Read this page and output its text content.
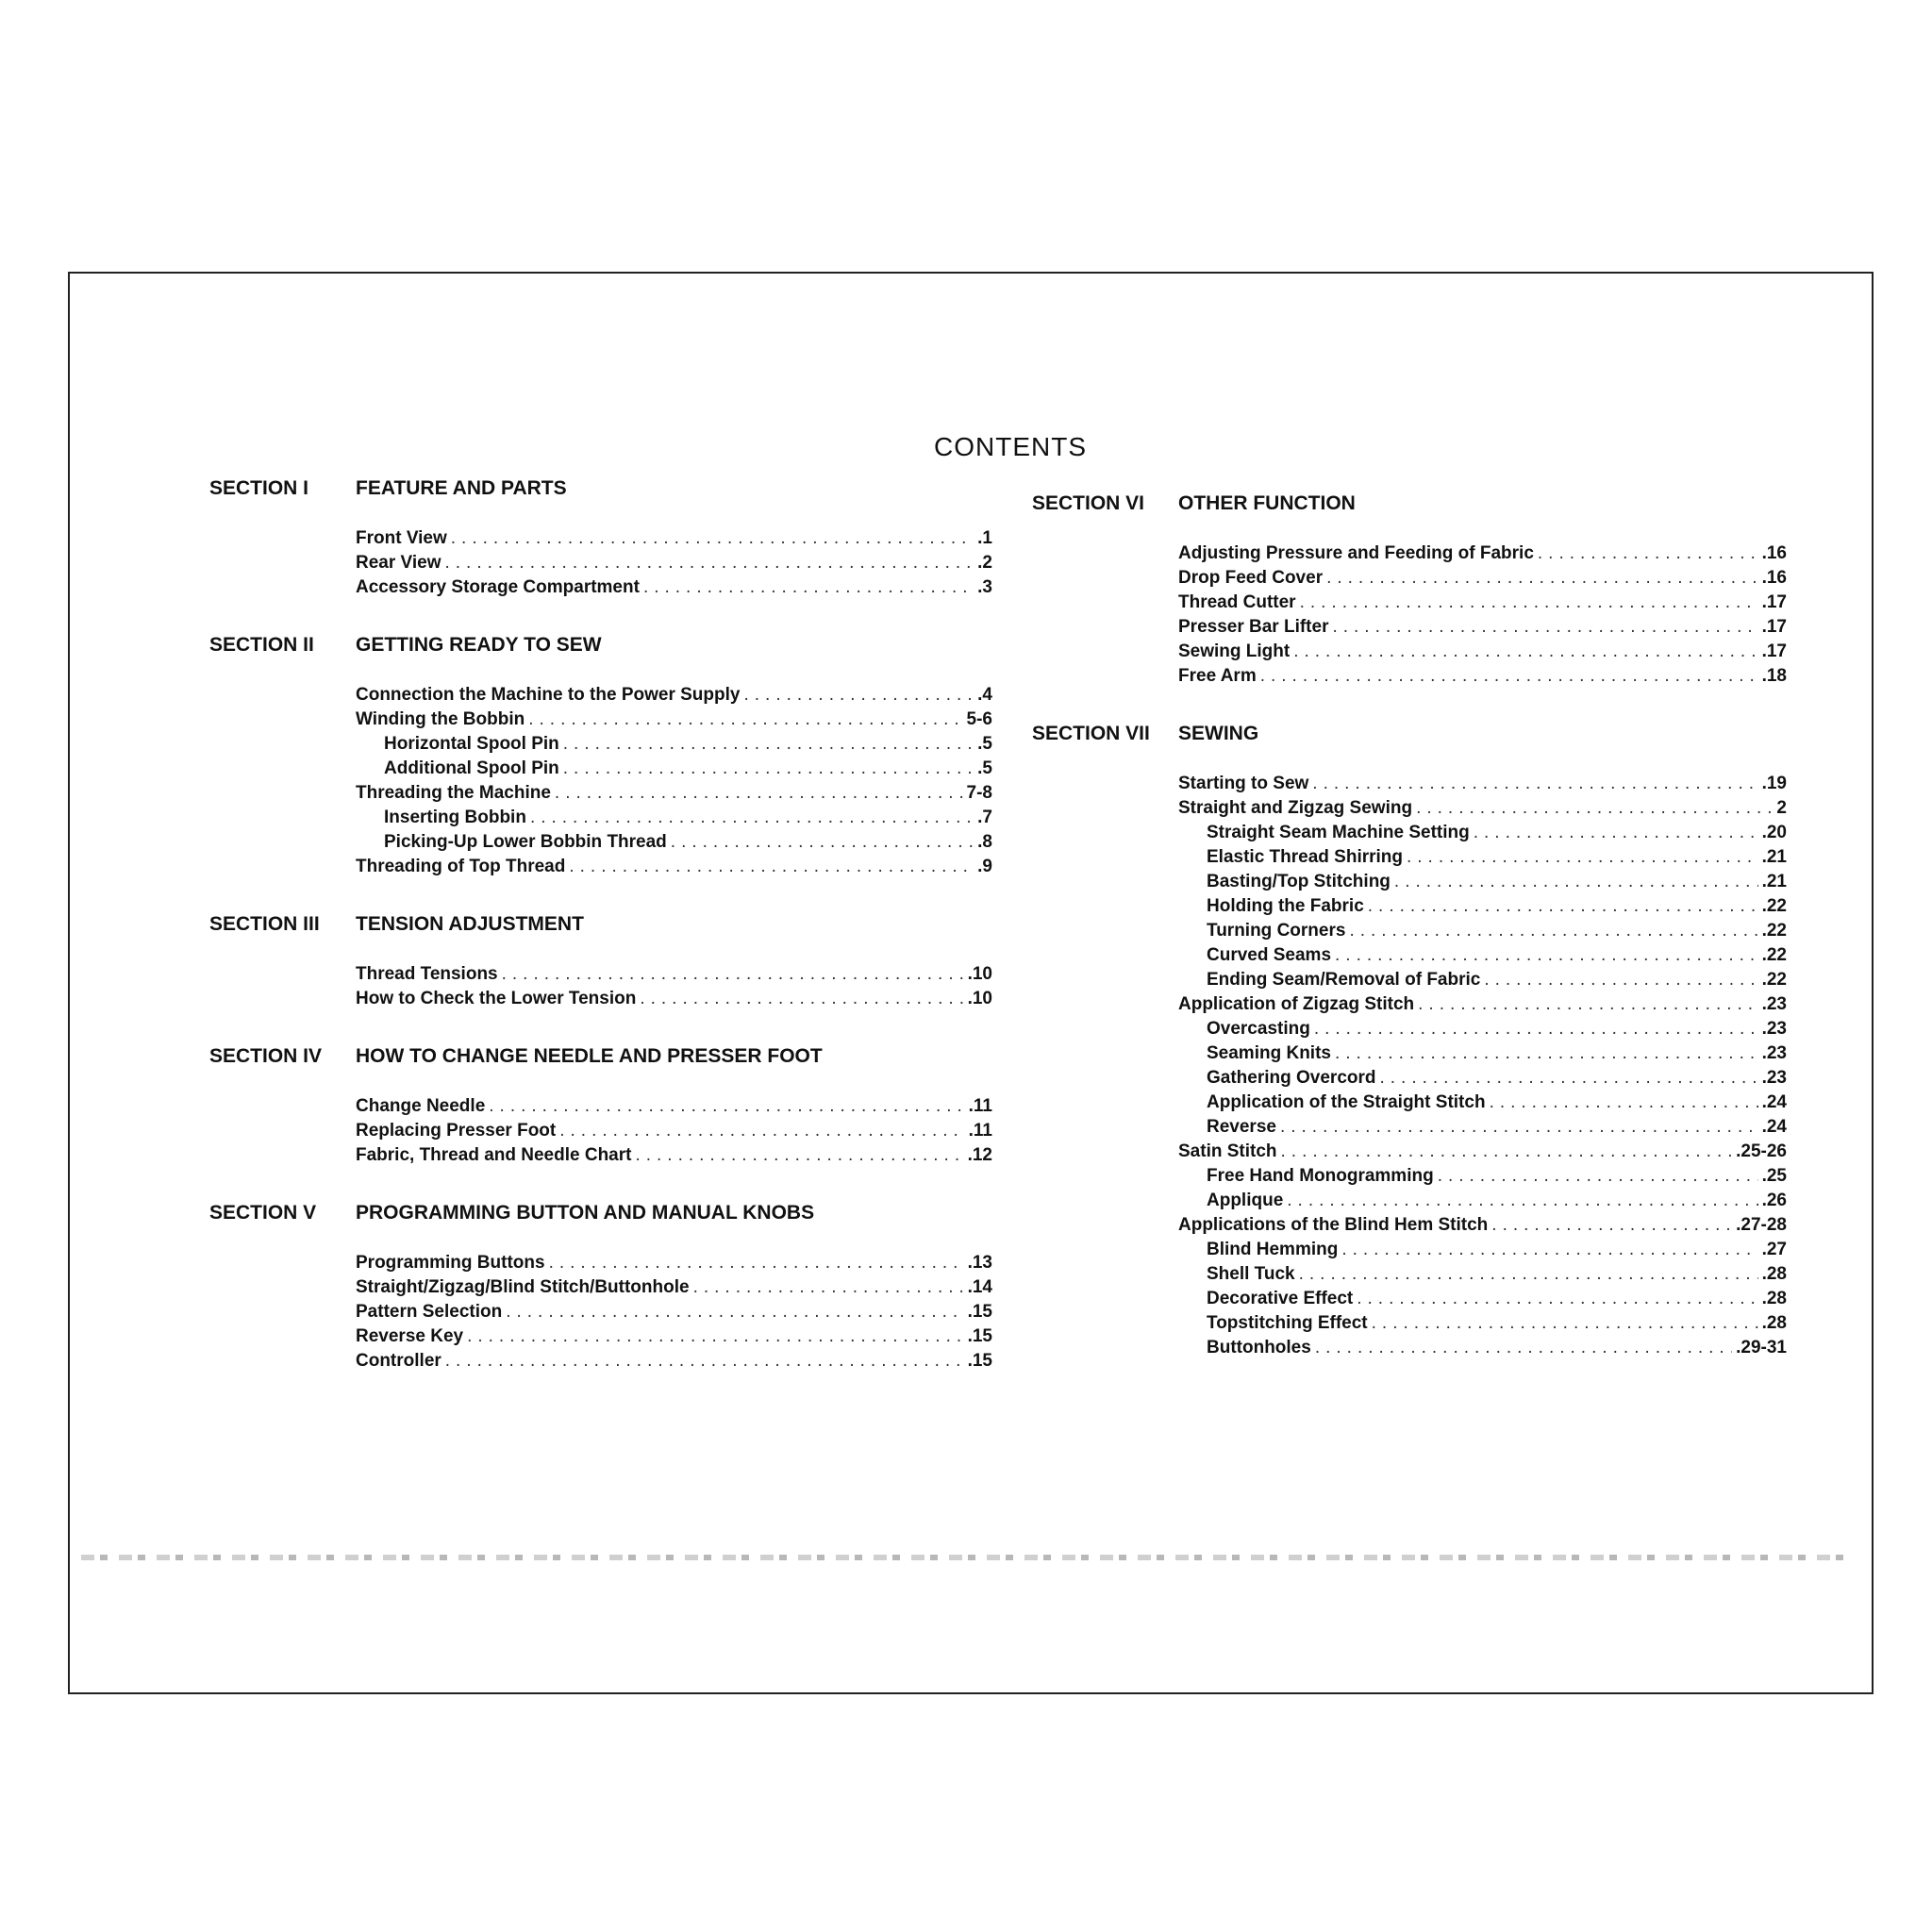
CONTENTS
SECTION I	FEATURE AND PARTS
Front View .....	.1
Rear View .....	.2
Accessory Storage Compartment .....	.3
SECTION II	GETTING READY TO SEW
Connection the Machine to the Power Supply .....	.4
Winding the Bobbin .....	5-6
Horizontal Spool Pin .....	.5
Additional Spool Pin .....	.5
Threading the Machine .....	7-8
Inserting Bobbin .....	.7
Picking-Up Lower Bobbin Thread .....	.8
Threading of Top Thread .....	.9
SECTION III	TENSION ADJUSTMENT
Thread Tensions .....	.10
How to Check the Lower Tension .....	.10
SECTION IV	HOW TO CHANGE NEEDLE AND PRESSER FOOT
Change Needle .....	.11
Replacing Presser Foot .....	.11
Fabric, Thread and Needle Chart .....	.12
SECTION V	PROGRAMMING BUTTON AND MANUAL KNOBS
Programming Buttons .....	.13
Straight/Zigzag/Blind Stitch/Buttonhole .....	.14
Pattern Selection .....	.15
Reverse Key .....	.15
Controller .....	.15
SECTION VI	OTHER FUNCTION
Adjusting Pressure and Feeding of Fabric .....	.16
Drop Feed Cover .....	.16
Thread Cutter .....	.17
Presser Bar Lifter .....	.17
Sewing Light .....	.17
Free Arm .....	.18
SECTION VII	SEWING
Starting to Sew .....	.19
Straight and Zigzag Sewing .....	2
Straight Seam Machine Setting .....	.20
Elastic Thread Shirring .....	.21
Basting/Top Stitching .....	.21
Holding the Fabric .....	.22
Turning Corners .....	.22
Curved Seams .....	.22
Ending Seam/Removal of Fabric .....	.22
Application of Zigzag Stitch .....	.23
Overcasting .....	.23
Seaming Knits .....	.23
Gathering Overcord .....	.23
Application of the Straight Stitch .....	.24
Reverse .....	.24
Satin Stitch .....	.25-26
Free Hand Monogramming .....	.25
Applique .....	.26
Applications of the Blind Hem Stitch .....	.27-28
Blind Hemming .....	.27
Shell Tuck .....	.28
Decorative Effect .....	.28
Topstitching Effect .....	.28
Buttonholes .....	.29-31
